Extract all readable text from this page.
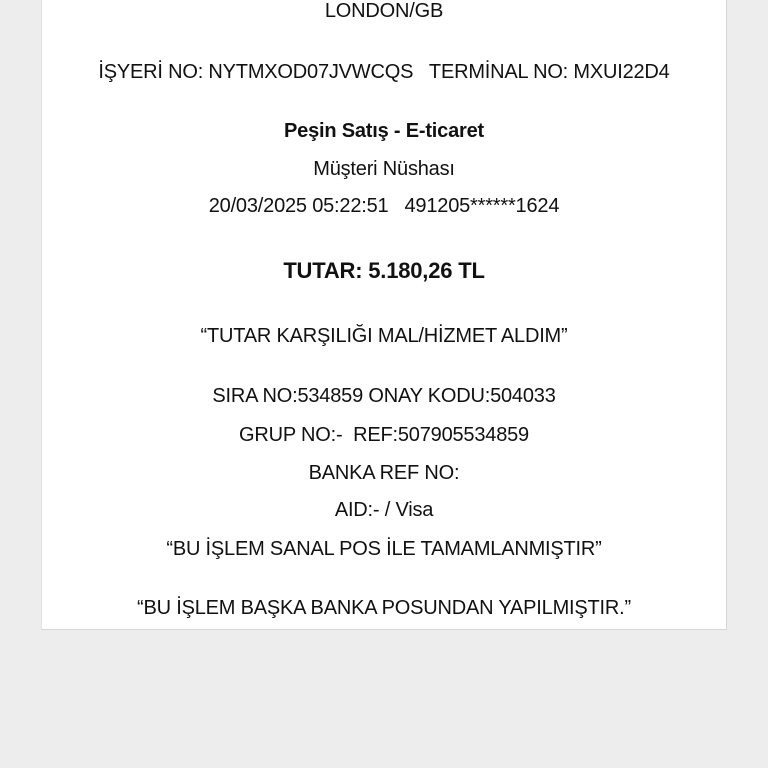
LONDON/GB
İŞYERİ NO: NYTMXOD07JVWCQS   TERMİNAL NO: MXUI22D4
Peşin Satış - E-ticaret
Müşteri Nüshası
20/03/2025 05:22:51   491205******1624
TUTAR: 5.180,26 TL
“TUTAR KARŞILIĞI MAL/HİZMET ALDIM”
SIRA NO:534859 ONAY KODU:504033
GRUP NO:-  REF:507905534859
BANKA REF NO:
AID:- / Visa
“BU İŞLEM SANAL POS İLE TAMAMLANMIŞTIR”
“BU İŞLEM BAŞKA BANKA POSUNDAN YAPILMIŞTIR.”
